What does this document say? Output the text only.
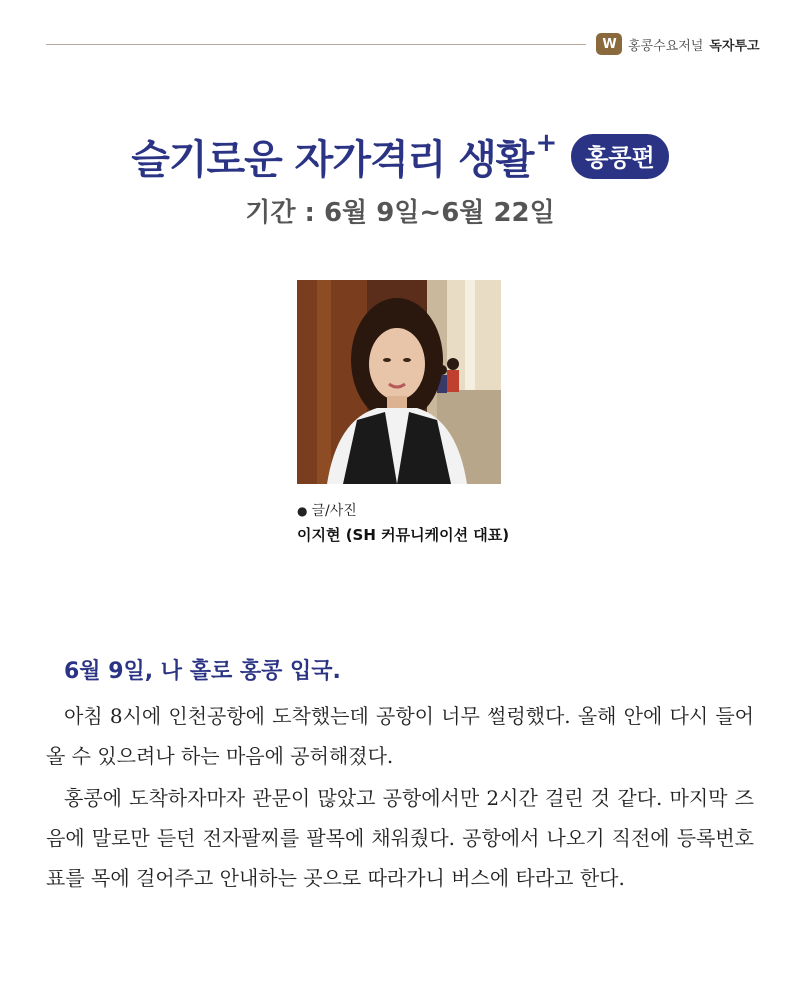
W 홍콩수요저널 독자투고
슬기로운 자가격리 생활 +
홍콩편
기간 : 6월 9일~6월 22일
● 글/사진
이지현 (SH 커뮤니케이션 대표)
6월 9일, 나 홀로 홍콩 입국.

아침 8시에 인천공항에 도착했는데 공항이 너무 썰렁했다. 올해 안에 다시 들어올 수 있으려나 하는 마음에 공허해졌다.

홍콩에 도착하자마자 관문이 많았고 공항에서만 2시간 걸린 것 같다. 마지막 즈음에 말로만 듣던 전자팔찌를 팔목에 채워줬다. 공항에서 나오기 직전에 등록번호표를 목에 걸어주고 안내하는 곳으로 따라가니 버스에 타라고 한다.
